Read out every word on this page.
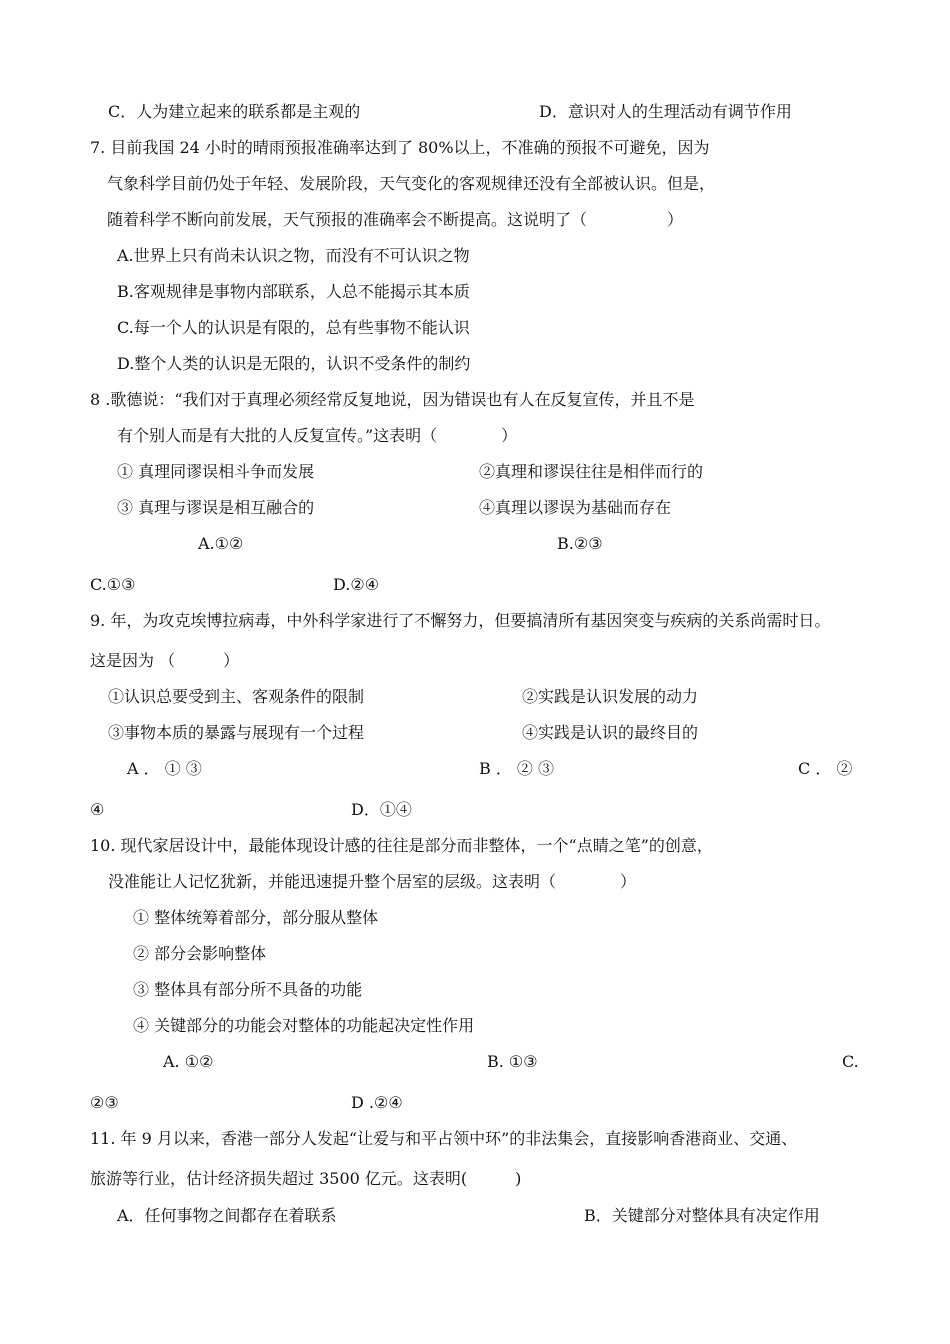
C．人为建立起来的联系都是主观的	D．意识对人的生理活动有调节作用
7. 目前我国 24 小时的晴雨预报准确率达到了 80%以上，不准确的预报不可避免，因为
气象科学目前仍处于年轻、发展阶段，天气变化的客观规律还没有全部被认识。但是，
随着科学不断向前发展，天气预报的准确率会不断提高。这说明了（　　　　　）
A.世界上只有尚未认识之物，而没有不可认识之物
B.客观规律是事物内部联系，人总不能揭示其本质
C.每一个人的认识是有限的，总有些事物不能认识
D.整个人类的认识是无限的，认识不受条件的制约
8 .歌德说：“我们对于真理必须经常反复地说，因为错误也有人在反复宣传，并且不是
有个别人而是有大批的人反复宣传。”这表明（　　　　）
① 真理同谬误相斗争而发展	②真理和谬误往往是相伴而行的
③ 真理与谬误是相互融合的	④真理以谬误为基础而存在
A.①②	B.②③
C.①③	D.②④
9. 年，为攻克埃博拉病毒，中外科学家进行了不懈努力，但要搞清所有基因突变与疾病的关系尚需时日。
这是因为 （　　　）
①认识总要受到主、客观条件的限制	②实践是认识发展的动力
③事物本质的暴露与展现有一个过程	④实践是认识的最终目的
A ． ① ③	B ． ② ③	C ． ②
④	D．①④
10. 现代家居设计中，最能体现设计感的往往是部分而非整体，一个“点睛之笔”的创意，
没准能让人记忆犹新，并能迅速提升整个居室的层级。这表明（　　　　）
① 整体统筹着部分，部分服从整体
② 部分会影响整体
③ 整体具有部分所不具备的功能
④ 关键部分的功能会对整体的功能起决定性作用
A. ①②	B. ①③	C.
②③	D .②④
11. 年 9 月以来，香港一部分人发起“让爱与和平占领中环”的非法集会，直接影响香港商业、交通、
旅游等行业，估计经济损失超过 3500 亿元。这表明(　　　)
A．任何事物之间都存在着联系	B．关键部分对整体具有决定作用
